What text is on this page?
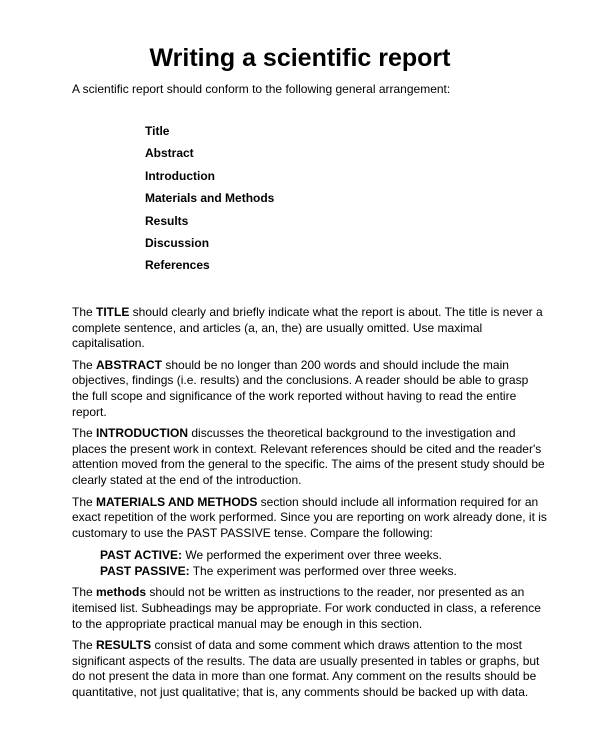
Writing a scientific report

A scientific report should conform to the following general arrangement:

Title
Abstract
Introduction
Materials and Methods
Results
Discussion
References

The TITLE should clearly and briefly indicate what the report is about. The title is never a complete sentence, and articles (a, an, the) are usually omitted. Use maximal capitalisation.

The ABSTRACT should be no longer than 200 words and should include the main objectives, findings (i.e. results) and the conclusions. A reader should be able to grasp the full scope and significance of the work reported without having to read the entire report.

The INTRODUCTION discusses the theoretical background to the investigation and places the present work in context. Relevant references should be cited and the reader's attention moved from the general to the specific. The aims of the present study should be clearly stated at the end of the introduction.

The MATERIALS AND METHODS section should include all information required for an exact repetition of the work performed. Since you are reporting on work already done, it is customary to use the PAST PASSIVE tense. Compare the following:

PAST ACTIVE: We performed the experiment over three weeks.
PAST PASSIVE: The experiment was performed over three weeks.

The methods should not be written as instructions to the reader, nor presented as an itemised list. Subheadings may be appropriate. For work conducted in class, a reference to the appropriate practical manual may be enough in this section.

The RESULTS consist of data and some comment which draws attention to the most significant aspects of the results. The data are usually presented in tables or graphs, but do not present the data in more than one format. Any comment on the results should be quantitative, not just qualitative; that is, any comments should be backed up with data.
